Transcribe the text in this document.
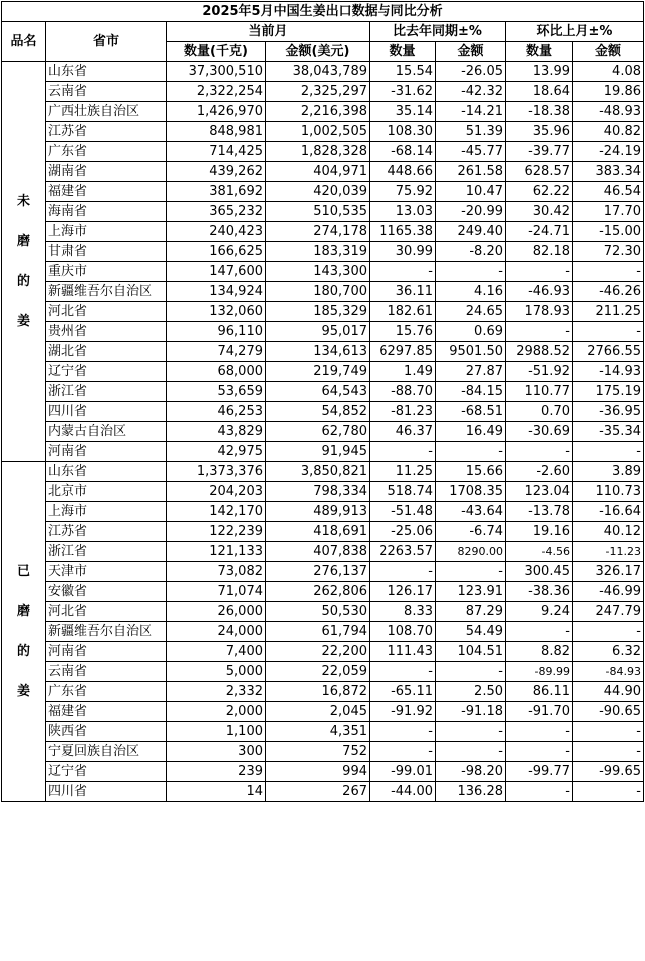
2025年5月中国生姜出口数据与同比分析							
品名	省市	当前月		比去年同期±%		环比上月±%	
		数量(千克)	金额(美元)	数量	金额	数量	金额

未
磨
的
姜	山东省	37,300,510	38,043,789	15.54	-26.05	13.99	4.08
	云南省	2,322,254	2,325,297	-31.62	-42.32	18.64	19.86
	广西壮族自治区	1,426,970	2,216,398	35.14	-14.21	-18.38	-48.93
	江苏省	848,981	1,002,505	108.30	51.39	35.96	40.82
	广东省	714,425	1,828,328	-68.14	-45.77	-39.77	-24.19
	湖南省	439,262	404,971	448.66	261.58	628.57	383.34
	福建省	381,692	420,039	75.92	10.47	62.22	46.54
	海南省	365,232	510,535	13.03	-20.99	30.42	17.70
	上海市	240,423	274,178	1165.38	249.40	-24.71	-15.00
	甘肃省	166,625	183,319	30.99	-8.20	82.18	72.30
	重庆市	147,600	143,300	-	-	-	-
	新疆维吾尔自治区	134,924	180,700	36.11	4.16	-46.93	-46.26
	河北省	132,060	185,329	182.61	24.65	178.93	211.25
	贵州省	96,110	95,017	15.76	0.69	-	-
	湖北省	74,279	134,613	6297.85	9501.50	2988.52	2766.55
	辽宁省	68,000	219,749	1.49	27.87	-51.92	-14.93
	浙江省	53,659	64,543	-88.70	-84.15	110.77	175.19
	四川省	46,253	54,852	-81.23	-68.51	0.70	-36.95
	内蒙古自治区	43,829	62,780	46.37	16.49	-30.69	-35.34
	河南省	42,975	91,945	-	-	-	-

已
磨
的
姜	山东省	1,373,376	3,850,821	11.25	15.66	-2.60	3.89
	北京市	204,203	798,334	518.74	1708.35	123.04	110.73
	上海市	142,170	489,913	-51.48	-43.64	-13.78	-16.64
	江苏省	122,239	418,691	-25.06	-6.74	19.16	40.12
	浙江省	121,133	407,838	2263.57	8290.00	-4.56	-11.23
	天津市	73,082	276,137	-	-	300.45	326.17
	安徽省	71,074	262,806	126.17	123.91	-38.36	-46.99
	河北省	26,000	50,530	8.33	87.29	9.24	247.79
	新疆维吾尔自治区	24,000	61,794	108.70	54.49	-	-
	河南省	7,400	22,200	111.43	104.51	8.82	6.32
	云南省	5,000	22,059	-	-	-89.99	-84.93
	广东省	2,332	16,872	-65.11	2.50	86.11	44.90
	福建省	2,000	2,045	-91.92	-91.18	-91.70	-90.65
	陕西省	1,100	4,351	-	-	-	-
	宁夏回族自治区	300	752	-	-	-	-
	辽宁省	239	994	-99.01	-98.20	-99.77	-99.65
	四川省	14	267	-44.00	136.28	-	-
